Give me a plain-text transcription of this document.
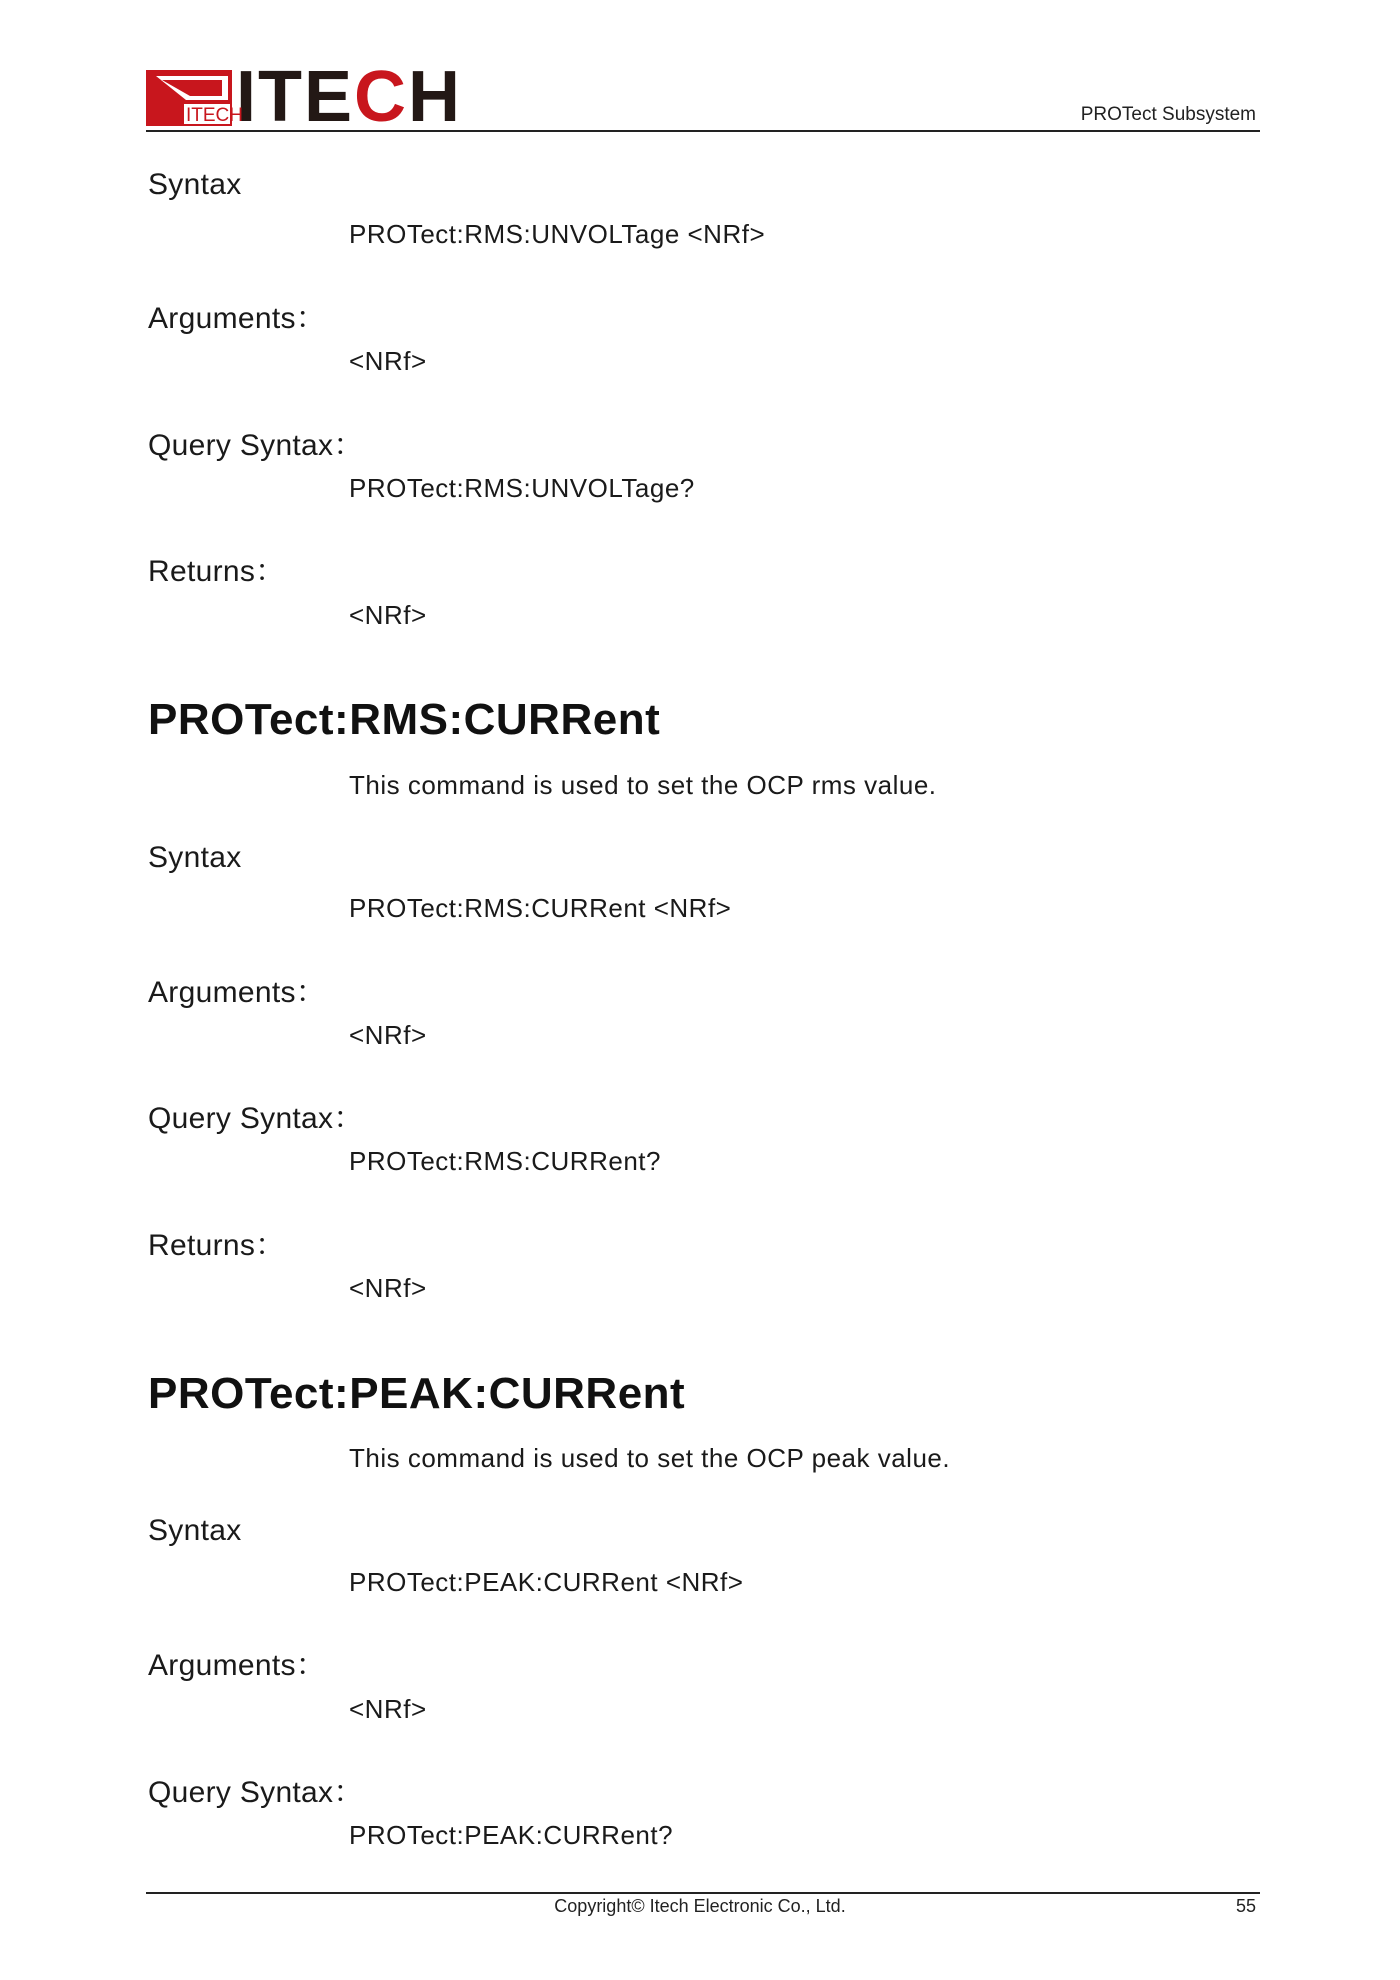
ITECH
ITECH	PROTect Subsystem
Syntax
PROTect:RMS:UNVOLTage <NRf>
Arguments：
<NRf>
Query Syntax：
PROTect:RMS:UNVOLTage?
Returns：
<NRf>
PROTect:RMS:CURRent
This command is used to set the OCP rms value.
Syntax
PROTect:RMS:CURRent <NRf>
Arguments：
<NRf>
Query Syntax：
PROTect:RMS:CURRent?
Returns：
<NRf>
PROTect:PEAK:CURRent
This command is used to set the OCP peak value.
Syntax
PROTect:PEAK:CURRent <NRf>
Arguments：
<NRf>
Query Syntax：
PROTect:PEAK:CURRent?
Copyright© Itech Electronic Co., Ltd.	55
